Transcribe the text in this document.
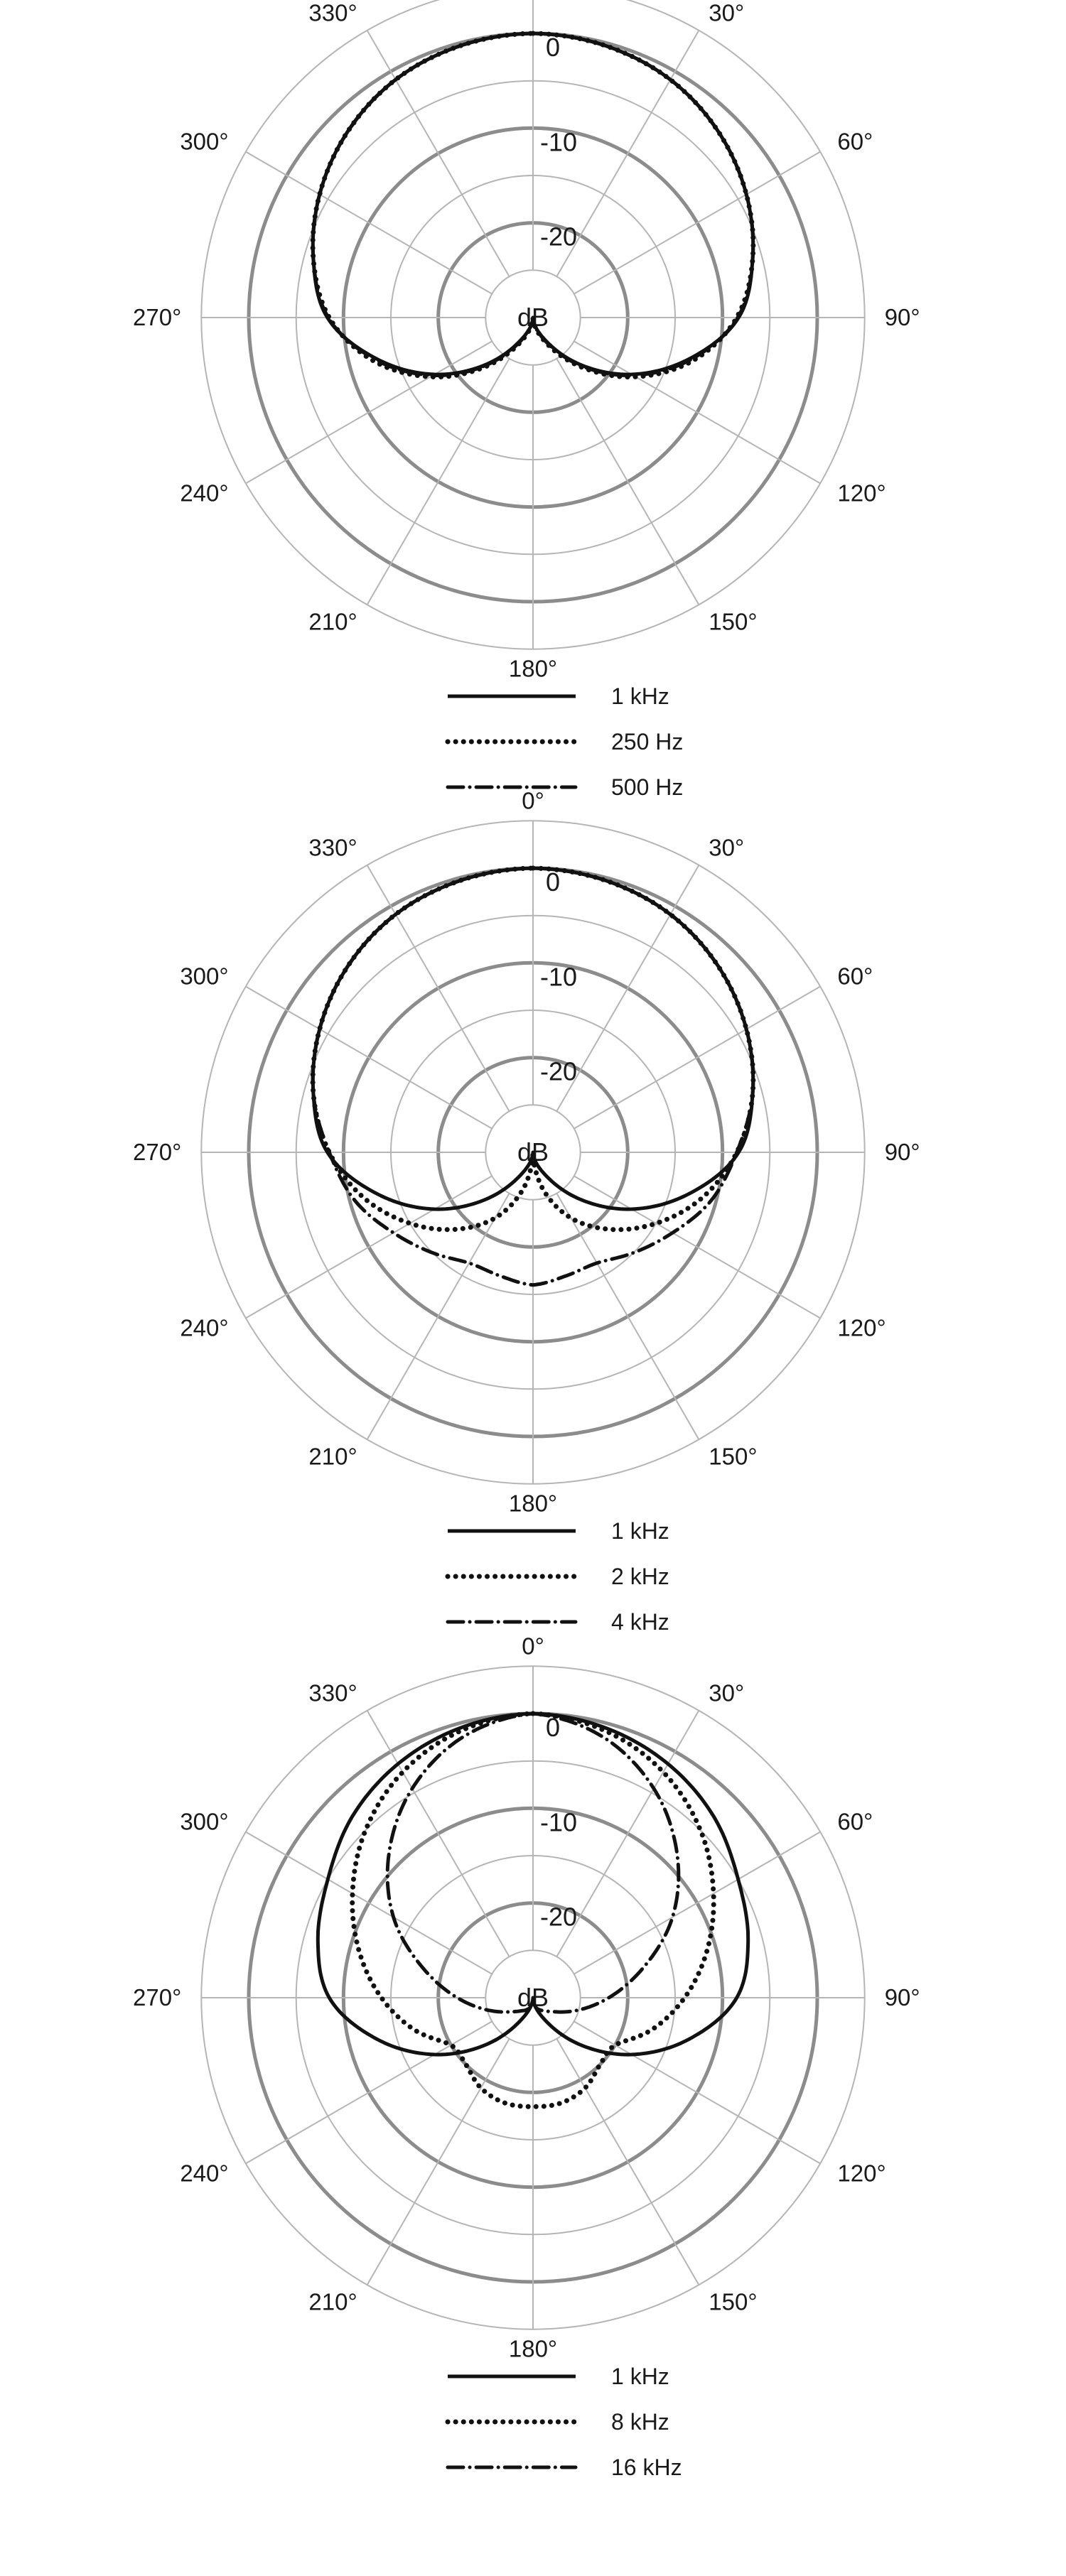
30°
60°
90°
120°
150°
180°
210°
240°
270°
300°
330°
0
-10
-20
dB
1 kHz
250 Hz
500 Hz
0°
30°
60°
90°
120°
150°
180°
210°
240°
270°
300°
330°
0
-10
-20
dB
1 kHz
2 kHz
4 kHz
0°
30°
60°
90°
120°
150°
180°
210°
240°
270°
300°
330°
0
-10
-20
dB
1 kHz
8 kHz
16 kHz
